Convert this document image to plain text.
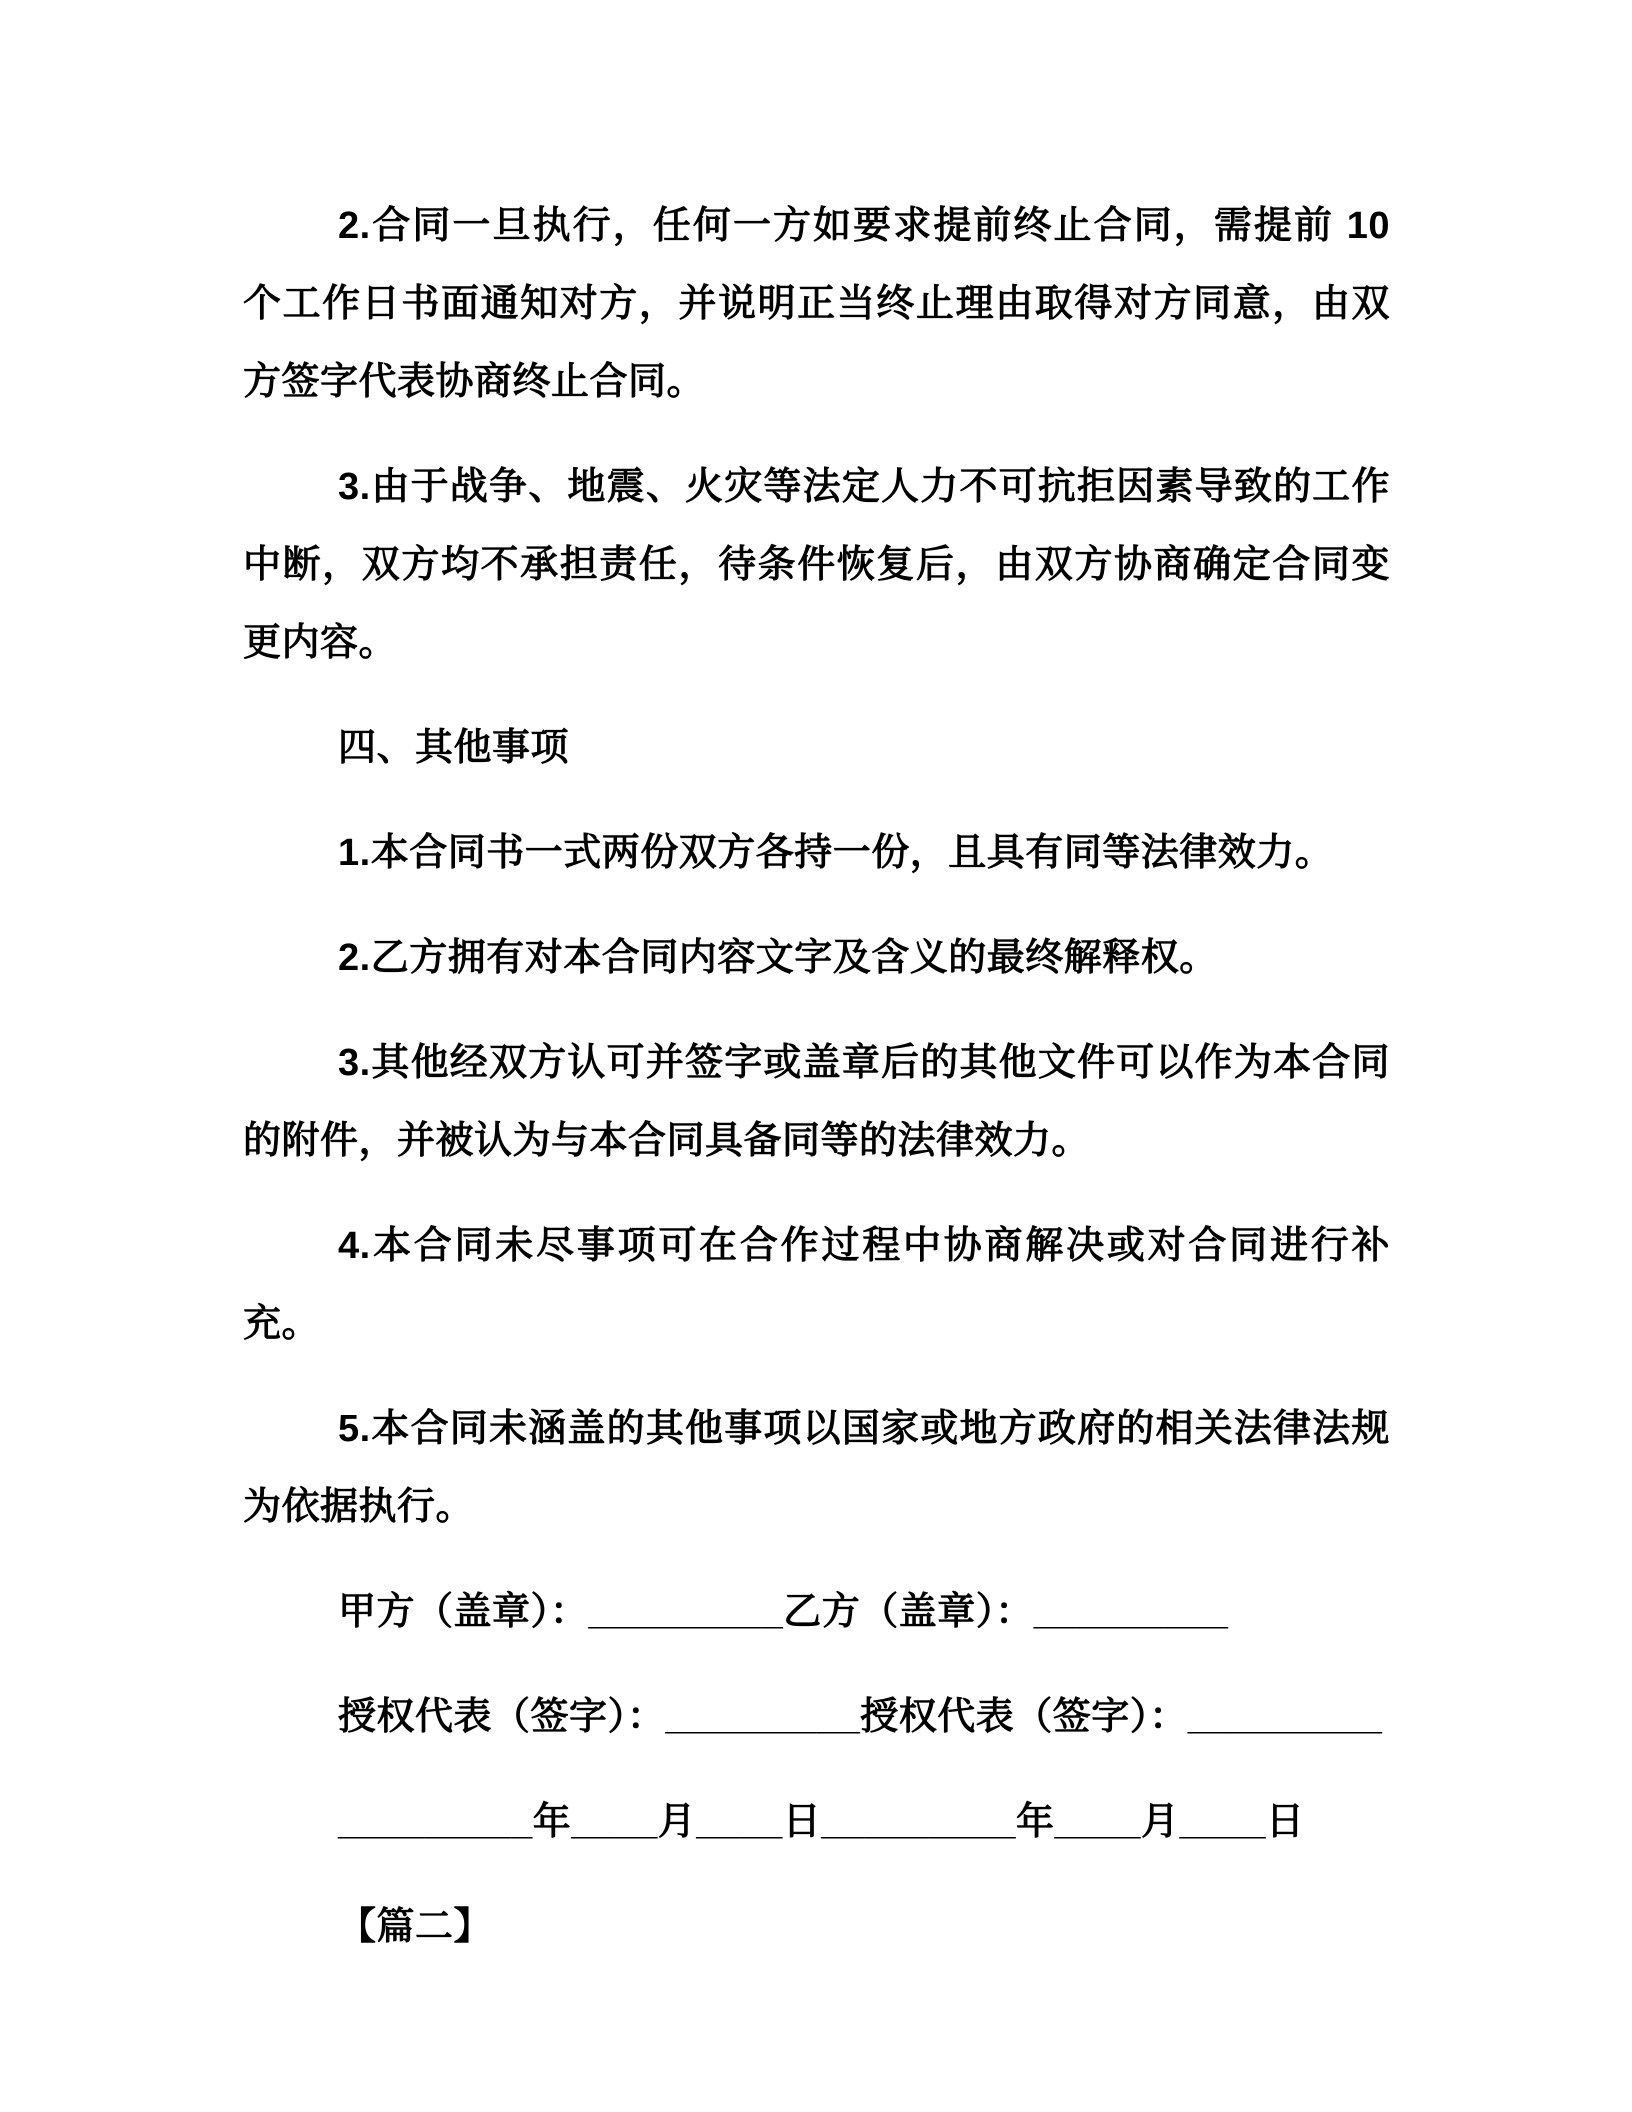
2.合同一旦执行，任何一方如要求提前终止合同，需提前 10 个工作日书面通知对方，并说明正当终止理由取得对方同意，由双方签字代表协商终止合同。

3.由于战争、地震、火灾等法定人力不可抗拒因素导致的工作中断，双方均不承担责任，待条件恢复后，由双方协商确定合同变更内容。

四、其他事项

1.本合同书一式两份双方各持一份，且具有同等法律效力。

2.乙方拥有对本合同内容文字及含义的最终解释权。

3.其他经双方认可并签字或盖章后的其他文件可以作为本合同的附件，并被认为与本合同具备同等的法律效力。

4.本合同未尽事项可在合作过程中协商解决或对合同进行补充。

5.本合同未涵盖的其他事项以国家或地方政府的相关法律法规为依据执行。

甲方（盖章）：_________乙方（盖章）：_________

授权代表（签字）：_________授权代表（签字）：_________

_________年____月____日_________年____月____日

【篇二】
